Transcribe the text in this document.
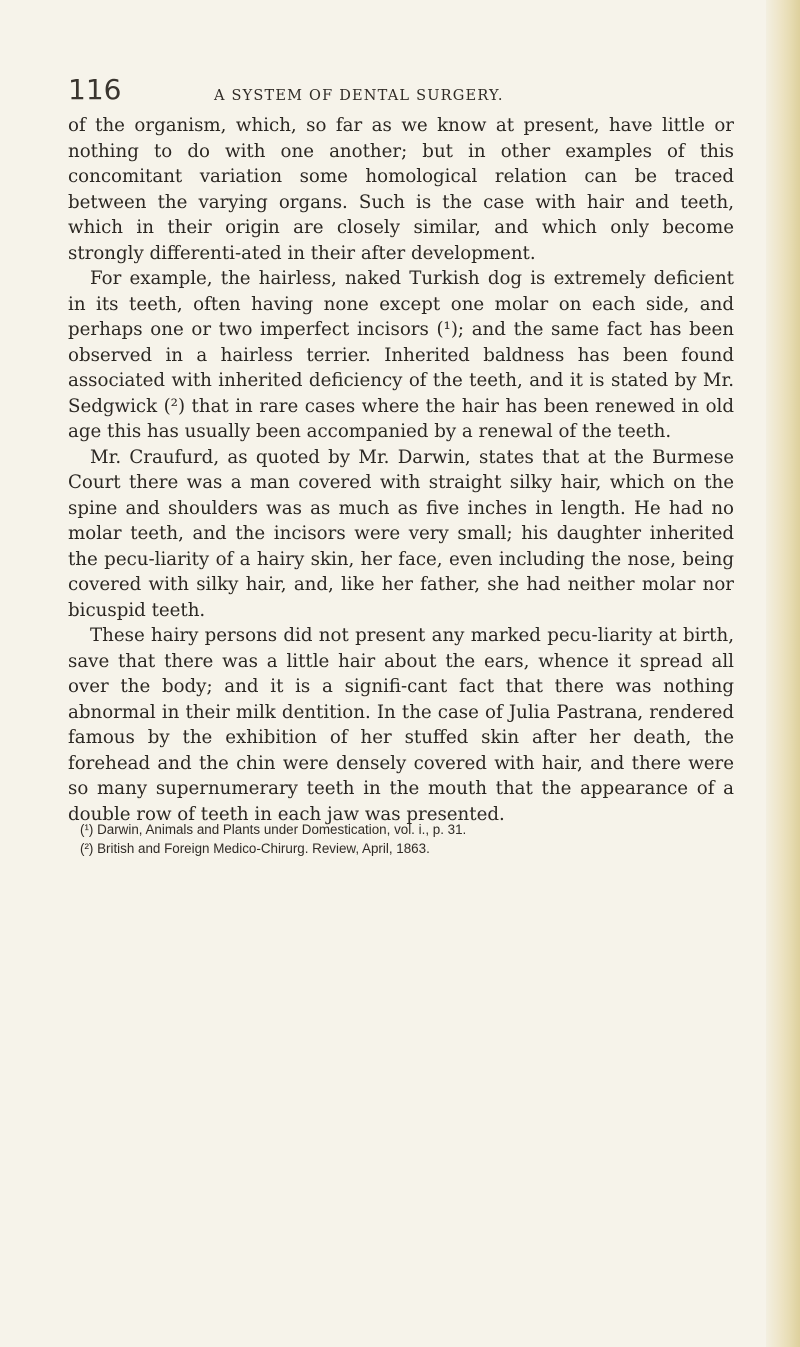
116	A SYSTEM OF DENTAL SURGERY.

of the organism, which, so far as we know at present, have little or nothing to do with one another; but in other examples of this concomitant variation some homological relation can be traced between the varying organs. Such is the case with hair and teeth, which in their origin are closely similar, and which only become strongly differenti-ated in their after development.

For example, the hairless, naked Turkish dog is extremely deficient in its teeth, often having none except one molar on each side, and perhaps one or two imperfect incisors (¹); and the same fact has been observed in a hairless terrier. Inherited baldness has been found associated with inherited deficiency of the teeth, and it is stated by Mr. Sedgwick (²) that in rare cases where the hair has been renewed in old age this has usually been accompanied by a renewal of the teeth.

Mr. Craufurd, as quoted by Mr. Darwin, states that at the Burmese Court there was a man covered with straight silky hair, which on the spine and shoulders was as much as five inches in length. He had no molar teeth, and the incisors were very small; his daughter inherited the pecu-liarity of a hairy skin, her face, even including the nose, being covered with silky hair, and, like her father, she had neither molar nor bicuspid teeth.

These hairy persons did not present any marked pecu-liarity at birth, save that there was a little hair about the ears, whence it spread all over the body; and it is a signifi-cant fact that there was nothing abnormal in their milk dentition. In the case of Julia Pastrana, rendered famous by the exhibition of her stuffed skin after her death, the forehead and the chin were densely covered with hair, and there were so many supernumerary teeth in the mouth that the appearance of a double row of teeth in each jaw was presented.

(¹) Darwin, Animals and Plants under Domestication, vol. i., p. 31.

(²) British and Foreign Medico-Chirurg. Review, April, 1863.
